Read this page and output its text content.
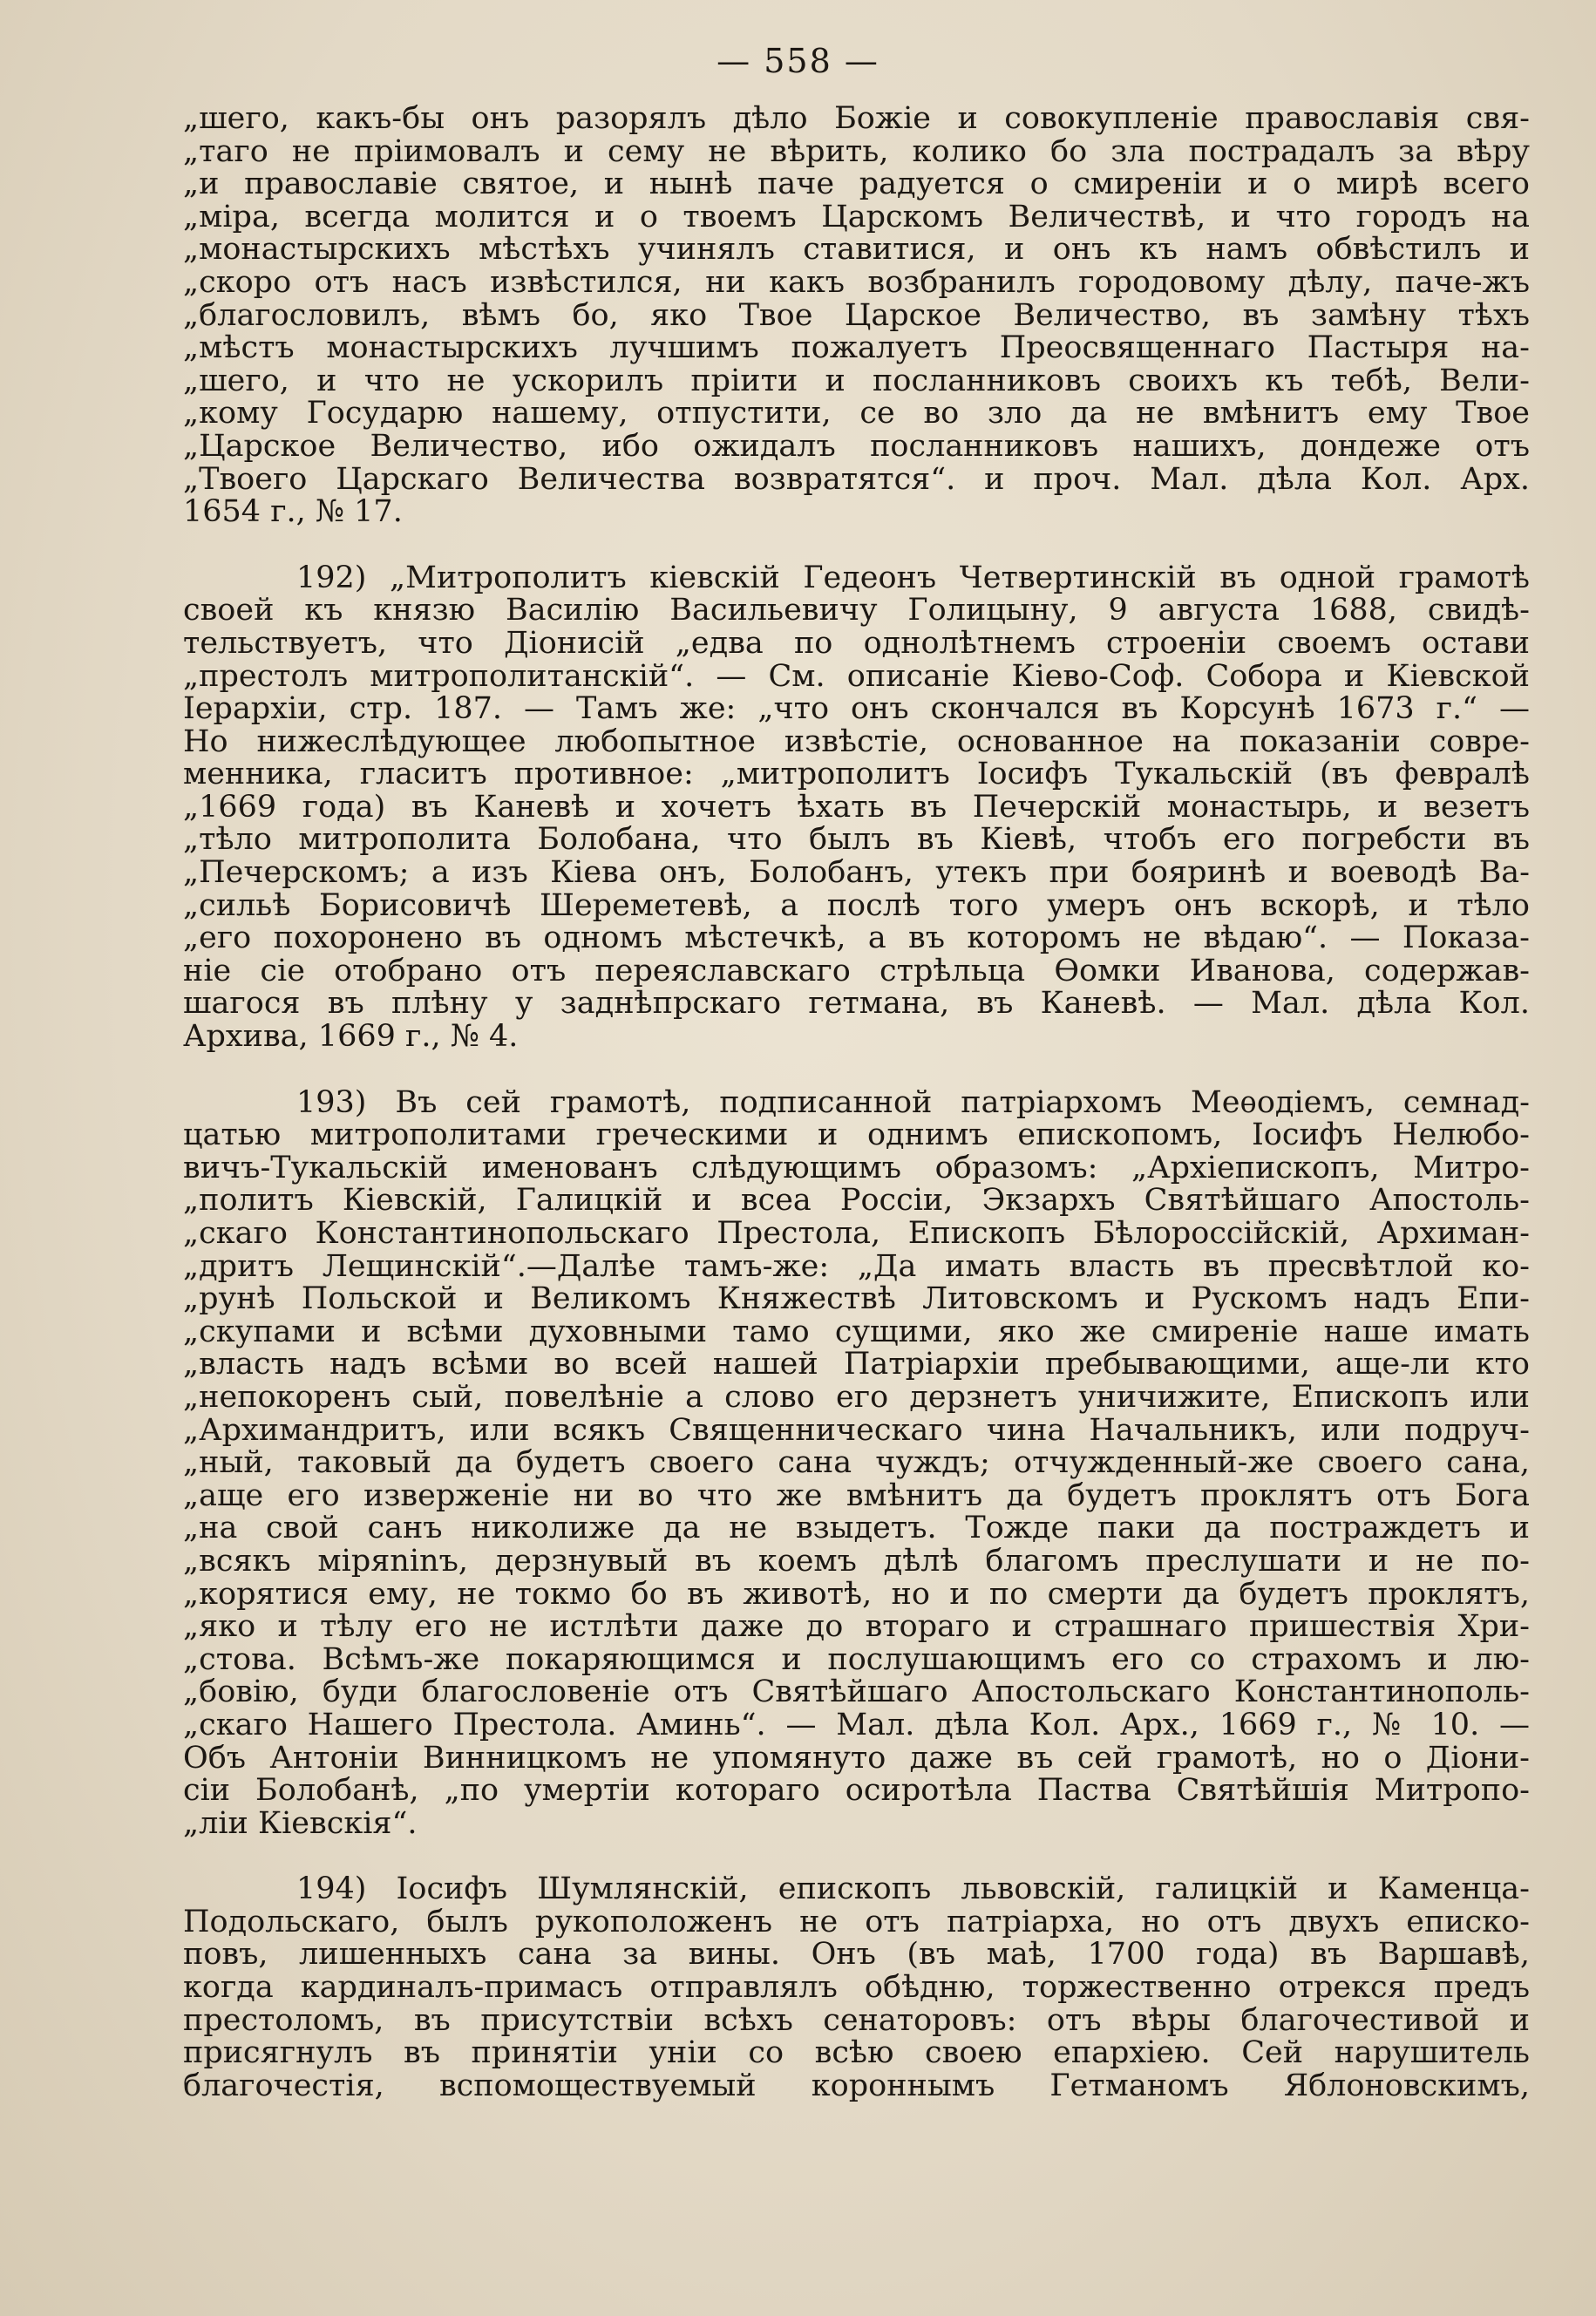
— 558 —
„шего, какъ-бы онъ разорялъ дѣло Божіе и совокупленіе православія свя-
„таго не пріимовалъ и сему не вѣрить, колико бо зла пострадалъ за вѣру
„и православіе святое, и нынѣ паче радуется о смиреніи и о мирѣ всего
„міра, всегда молится и о твоемъ Царскомъ Величествѣ, и что городъ на
„монастырскихъ мѣстѣхъ учинялъ ставитися, и онъ къ намъ обвѣстилъ и
„скоро отъ насъ извѣстился, ни какъ возбранилъ городовому дѣлу, паче-жъ
„благословилъ, вѣмъ бо, яко Твое Царское Величество, въ замѣну тѣхъ
„мѣстъ монастырскихъ лучшимъ пожалуетъ Преосвященнаго Пастыря на-
„шего, и что не ускорилъ пріити и посланниковъ своихъ къ тебѣ, Вели-
„кому Государю нашему, отпустити, се во зло да не вмѣнитъ ему Твое
„Царское Величество, ибо ожидалъ посланниковъ нашихъ, дондеже отъ
„Твоего Царскаго Величества возвратятся“. и проч. Мал. дѣла Кол. Арх.
1654 г., № 17.
192) „Митрополитъ кіевскій Гедеонъ Четвертинскій въ одной грамотѣ
своей къ князю Василію Васильевичу Голицыну, 9 августа 1688, свидѣ-
тельствуетъ, что Діонисій „едва по однолѣтнемъ строеніи своемъ остави
„престолъ митрополитанскій“. — См. описаніе Кіево-Соф. Собора и Кіевской
Іерархіи, стр. 187. — Тамъ же: „что онъ скончался въ Корсунѣ 1673 г.“ —
Но нижеслѣдующее любопытное извѣстіе, основанное на показаніи совре-
менника, гласитъ противное: „митрополитъ Іосифъ Тукальскій (въ февралѣ
„1669 года) въ Каневѣ и хочетъ ѣхать въ Печерскій монастырь, и везетъ
„тѣло митрополита Болобана, что былъ въ Кіевѣ, чтобъ его погребсти въ
„Печерскомъ; а изъ Кіева онъ, Болобанъ, утекъ при бояринѣ и воеводѣ Ва-
„сильѣ Борисовичѣ Шереметевѣ, а послѣ того умеръ онъ вскорѣ, и тѣло
„его похоронено въ одномъ мѣстечкѣ, а въ которомъ не вѣдаю“. — Показа-
ніе сіе отобрано отъ переяславскаго стрѣльца Ѳомки Иванова, содержав-
шагося въ плѣну у заднѣпрскаго гетмана, въ Каневѣ. — Мал. дѣла Кол.
Архива, 1669 г., № 4.
193) Въ сей грамотѣ, подписанной патріархомъ Меѳодіемъ, семнад-
цатью митрополитами греческими и однимъ епископомъ, Іосифъ Нелюбо-
вичъ-Тукальскій именованъ слѣдующимъ образомъ: „Архіепископъ, Митро-
„политъ Кіевскій, Галицкій и всеа Россіи, Экзархъ Святѣйшаго Апостоль-
„скаго Константинопольскаго Престола, Епископъ Бѣлороссійскій, Архиман-
„дритъ Лещинскій“.—Далѣе тамъ-же: „Да имать власть въ пресвѣтлой ко-
„рунѣ Польской и Великомъ Княжествѣ Литовскомъ и Рускомъ надъ Епи-
„скупами и всѣми духовными тамо сущими, яко же смиреніе наше имать
„власть надъ всѣми во всей нашей Патріархіи пребывающими, аще-ли кто
„непокоренъ сый, повелѣніе а слово его дерзнетъ уничижите, Епископъ или
„Архимандритъ, или всякъ Священническаго чина Начальникъ, или подруч-
„ный, таковый да будетъ своего сана чуждъ; отчужденный-же своего сана,
„аще его изверженіе ни во что же вмѣнитъ да будетъ проклятъ отъ Бога
„на свой санъ николиже да не взыдетъ. Тожде паки да постраждетъ и
„всякъ міряninъ, дерзнувый въ коемъ дѣлѣ благомъ преслушати и не по-
„корятися ему, не токмо бо въ животѣ, но и по смерти да будетъ проклятъ,
„яко и тѣлу его не истлѣти даже до втораго и страшнаго пришествія Хри-
„стова. Всѣмъ-же покаряющимся и послушающимъ его со страхомъ и лю-
„бовію, буди благословеніе отъ Святѣйшаго Апостольскаго Константинополь-
„скаго Нашего Престола. Аминь“. — Мал. дѣла Кол. Арх., 1669 г., № 10. —
Объ Антоніи Винницкомъ не упомянуто даже въ сей грамотѣ, но о Діони-
сіи Болобанѣ, „по умертіи котораго осиротѣла Паства Святѣйшія Митропо-
„ліи Кіевскія“.
194) Іосифъ Шумлянскій, епископъ львовскій, галицкій и Каменца-
Подольскаго, былъ рукоположенъ не отъ патріарха, но отъ двухъ еписко-
повъ, лишенныхъ сана за вины. Онъ (въ маѣ, 1700 года) въ Варшавѣ,
когда кардиналъ-примасъ отправлялъ обѣдню, торжественно отрекся предъ
престоломъ, въ присутствіи всѣхъ сенаторовъ: отъ вѣры благочестивой и
присягнулъ въ принятіи уніи со всѣю своею епархіею. Сей нарушитель
благочестія, вспомоществуемый короннымъ Гетманомъ Яблоновскимъ,
